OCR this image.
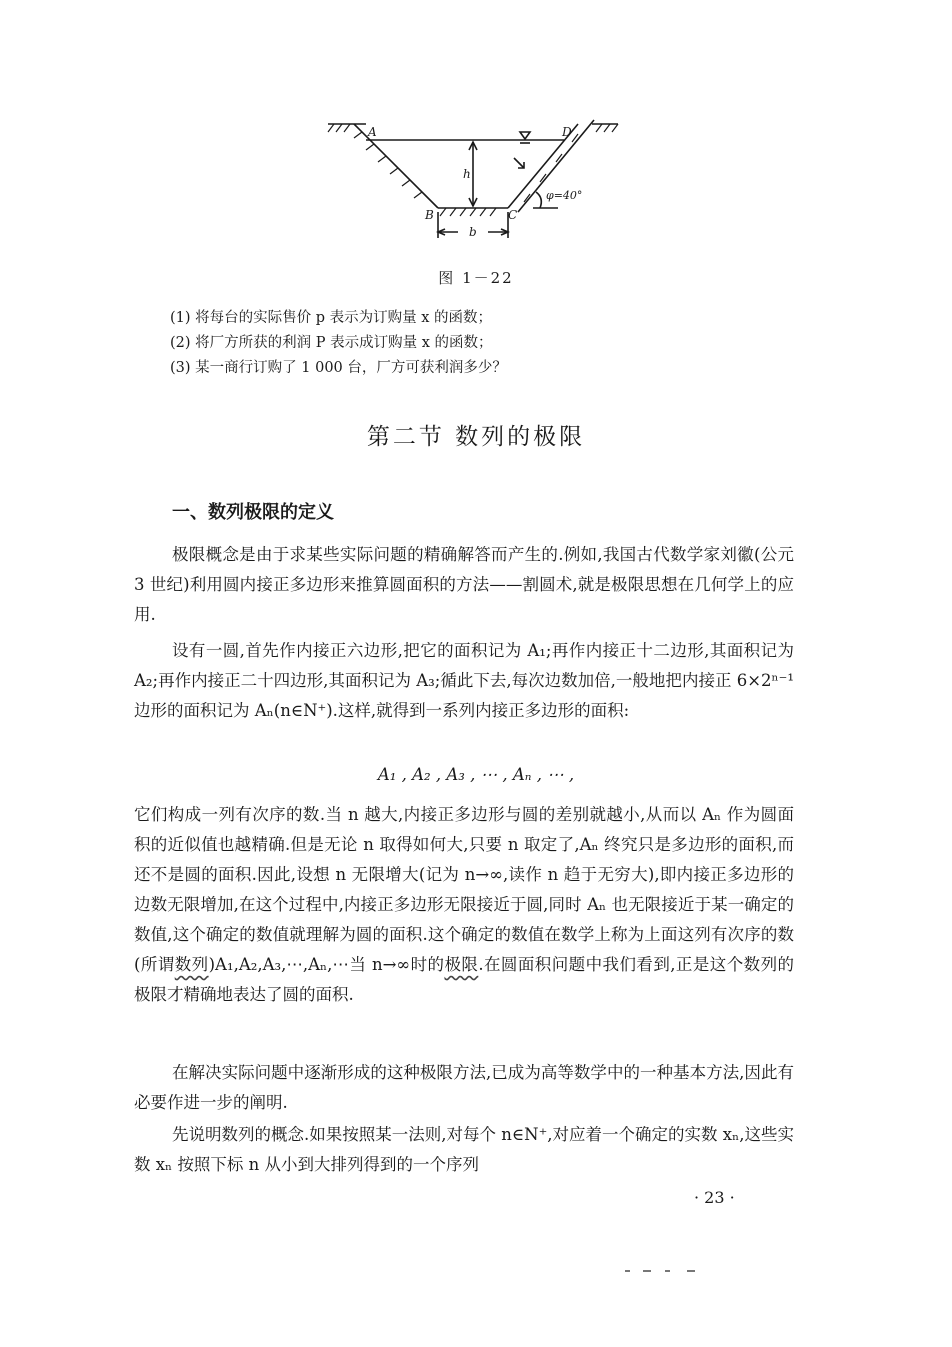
A	D
B	C
h
b
φ=40°
图 1－22
(1) 将每台的实际售价 p 表示为订购量 x 的函数；
(2) 将厂方所获的利润 P 表示成订购量 x 的函数；
(3) 某一商行订购了 1 000 台，厂方可获利润多少？
第二节 数列的极限
一、数列极限的定义

极限概念是由于求某些实际问题的精确解答而产生的.例如,我国古代数学家刘徽(公元 3 世纪)利用圆内接正多边形来推算圆面积的方法——割圆术,就是极限思想在几何学上的应用.

设有一圆,首先作内接正六边形,把它的面积记为 A₁;再作内接正十二边形,其面积记为 A₂;再作内接正二十四边形,其面积记为 A₃;循此下去,每次边数加倍,一般地把内接正 6×2ⁿ⁻¹边形的面积记为 Aₙ(n∈N⁺).这样,就得到一系列内接正多边形的面积:

A₁ , A₂ , A₃ , ⋯ , Aₙ , ⋯ ,

它们构成一列有次序的数.当 n 越大,内接正多边形与圆的差别就越小,从而以 Aₙ 作为圆面积的近似值也越精确.但是无论 n 取得如何大,只要 n 取定了,Aₙ 终究只是多边形的面积,而还不是圆的面积.因此,设想 n 无限增大(记为 n→∞,读作 n 趋于无穷大),即内接正多边形的边数无限增加,在这个过程中,内接正多边形无限接近于圆,同时 Aₙ 也无限接近于某一确定的数值,这个确定的数值就理解为圆的面积.这个确定的数值在数学上称为上面这列有次序的数(所谓数列)A₁,A₂,A₃,⋯,Aₙ,⋯当 n→∞时的极限.在圆面积问题中我们看到,正是这个数列的极限才精确地表达了圆的面积.

在解决实际问题中逐渐形成的这种极限方法,已成为高等数学中的一种基本方法,因此有必要作进一步的阐明.

先说明数列的概念.如果按照某一法则,对每个 n∈N⁺,对应着一个确定的实数 xₙ,这些实数 xₙ 按照下标 n 从小到大排列得到的一个序列

· 23 ·
